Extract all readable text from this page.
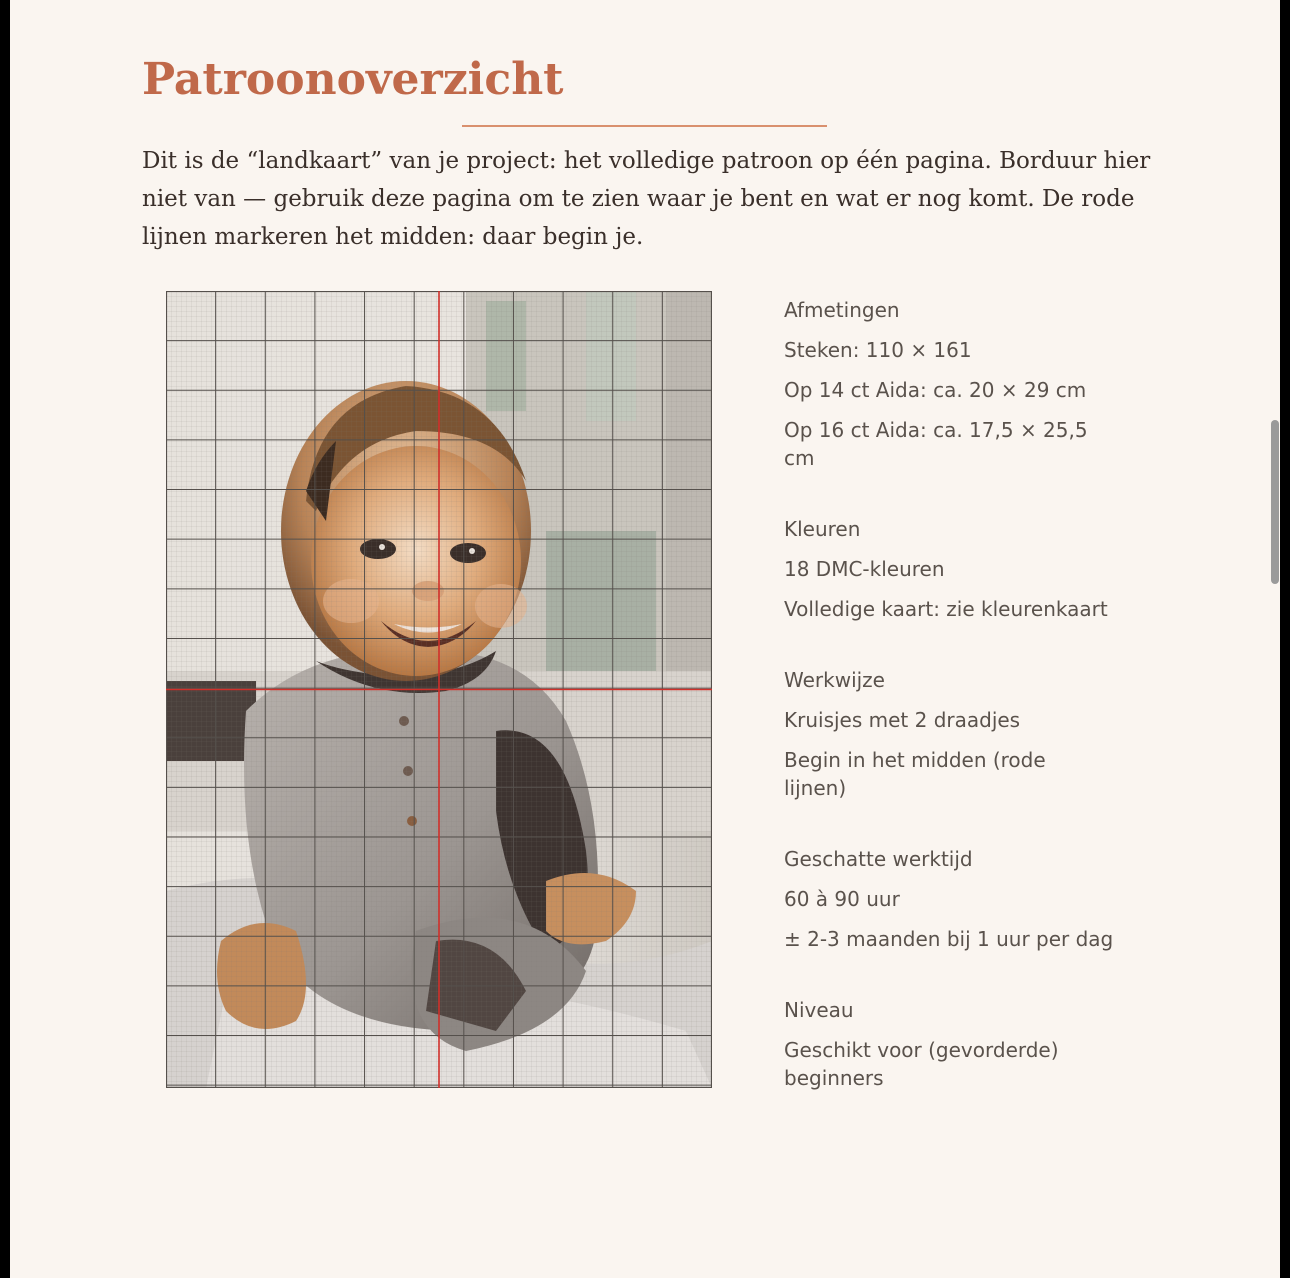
Patroonoverzicht

Dit is de “landkaart” van je project: het volledige patroon op één pagina. Borduur hier niet van — gebruik deze pagina om te zien waar je bent en wat er nog komt. De rode lijnen markeren het midden: daar begin je.

Afmetingen
Steken: 110 × 161
Op 14 ct Aida: ca. 20 × 29 cm
Op 16 ct Aida: ca. 17,5 × 25,5 cm
Kleuren
18 DMC-kleuren
Volledige kaart: zie kleurenkaart
Werkwijze
Kruisjes met 2 draadjes
Begin in het midden (rode lijnen)
Geschatte werktijd
60 à 90 uur
± 2-3 maanden bij 1 uur per dag
Niveau
Geschikt voor (gevorderde) beginners
